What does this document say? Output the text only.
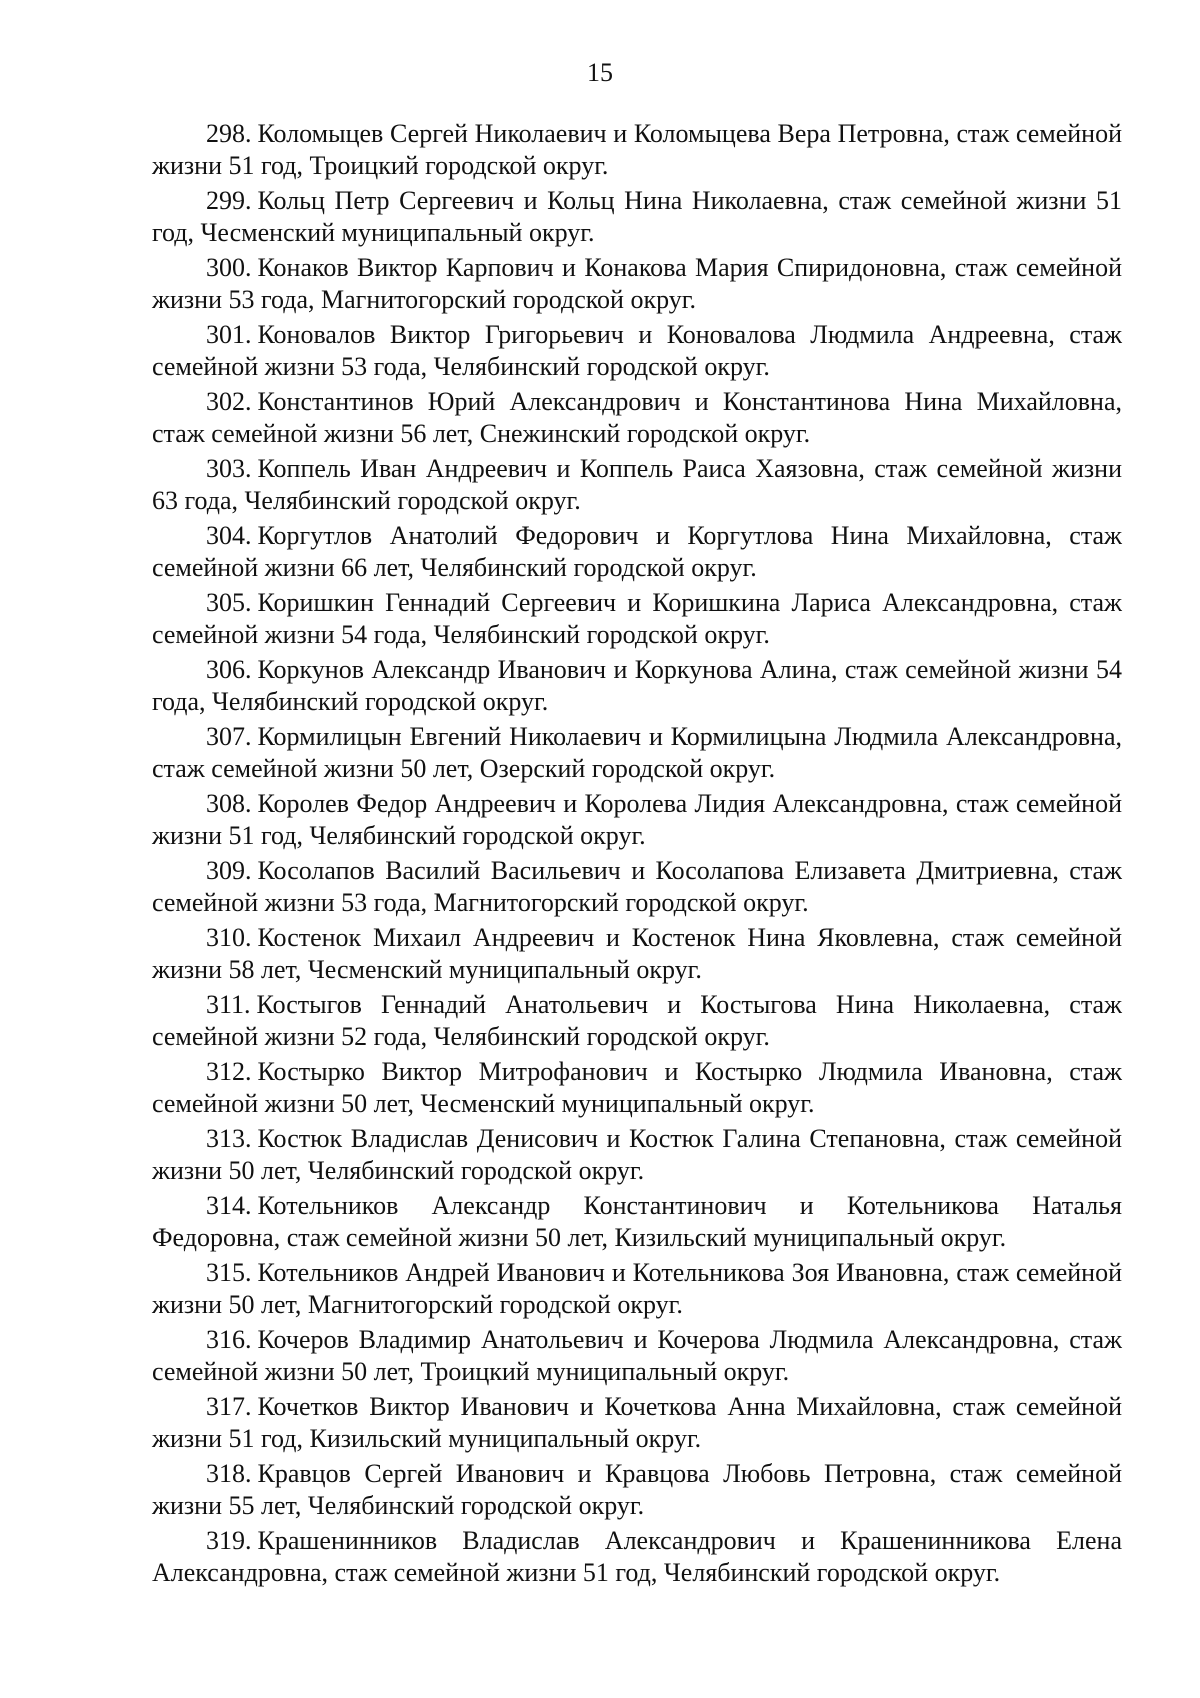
15

298. Коломыцев Сергей Николаевич и Коломыцева Вера Петровна, стаж семейной жизни 51 год, Троицкий городской округ.

299. Кольц Петр Сергеевич и Кольц Нина Николаевна, стаж семейной жизни 51 год, Чесменский муниципальный округ.

300. Конаков Виктор Карпович и Конакова Мария Спиридоновна, стаж семейной жизни 53 года, Магнитогорский городской округ.

301. Коновалов Виктор Григорьевич и Коновалова Людмила Андреевна, стаж семейной жизни 53 года, Челябинский городской округ.

302. Константинов Юрий Александрович и Константинова Нина Михайловна, стаж семейной жизни 56 лет, Снежинский городской округ.

303. Коппель Иван Андреевич и Коппель Раиса Хаязовна, стаж семейной жизни 63 года, Челябинский городской округ.

304. Коргутлов Анатолий Федорович и Коргутлова Нина Михайловна, стаж семейной жизни 66 лет, Челябинский городской округ.

305. Коришкин Геннадий Сергеевич и Коришкина Лариса Александровна, стаж семейной жизни 54 года, Челябинский городской округ.

306. Коркунов Александр Иванович и Коркунова Алина, стаж семейной жизни 54 года, Челябинский городской округ.

307. Кормилицын Евгений Николаевич и Кормилицына Людмила Александровна, стаж семейной жизни 50 лет, Озерский городской округ.

308. Королев Федор Андреевич и Королева Лидия Александровна, стаж семейной жизни 51 год, Челябинский городской округ.

309. Косолапов Василий Васильевич и Косолапова Елизавета Дмитриевна, стаж семейной жизни 53 года, Магнитогорский городской округ.

310. Костенок Михаил Андреевич и Костенок Нина Яковлевна, стаж семейной жизни 58 лет, Чесменский муниципальный округ.

311. Костыгов Геннадий Анатольевич и Костыгова Нина Николаевна, стаж семейной жизни 52 года, Челябинский городской округ.

312. Костырко Виктор Митрофанович и Костырко Людмила Ивановна, стаж семейной жизни 50 лет, Чесменский муниципальный округ.

313. Костюк Владислав Денисович и Костюк Галина Степановна, стаж семейной жизни 50 лет, Челябинский городской округ.

314. Котельников Александр Константинович и Котельникова Наталья Федоровна, стаж семейной жизни 50 лет, Кизильский муниципальный округ.

315. Котельников Андрей Иванович и Котельникова Зоя Ивановна, стаж семейной жизни 50 лет, Магнитогорский городской округ.

316. Кочеров Владимир Анатольевич и Кочерова Людмила Александровна, стаж семейной жизни 50 лет, Троицкий муниципальный округ.

317. Кочетков Виктор Иванович и Кочеткова Анна Михайловна, стаж семейной жизни 51 год, Кизильский муниципальный округ.

318. Кравцов Сергей Иванович и Кравцова Любовь Петровна, стаж семейной жизни 55 лет, Челябинский городской округ.

319. Крашенинников Владислав Александрович и Крашенинникова Елена Александровна, стаж семейной жизни 51 год, Челябинский городской округ.
